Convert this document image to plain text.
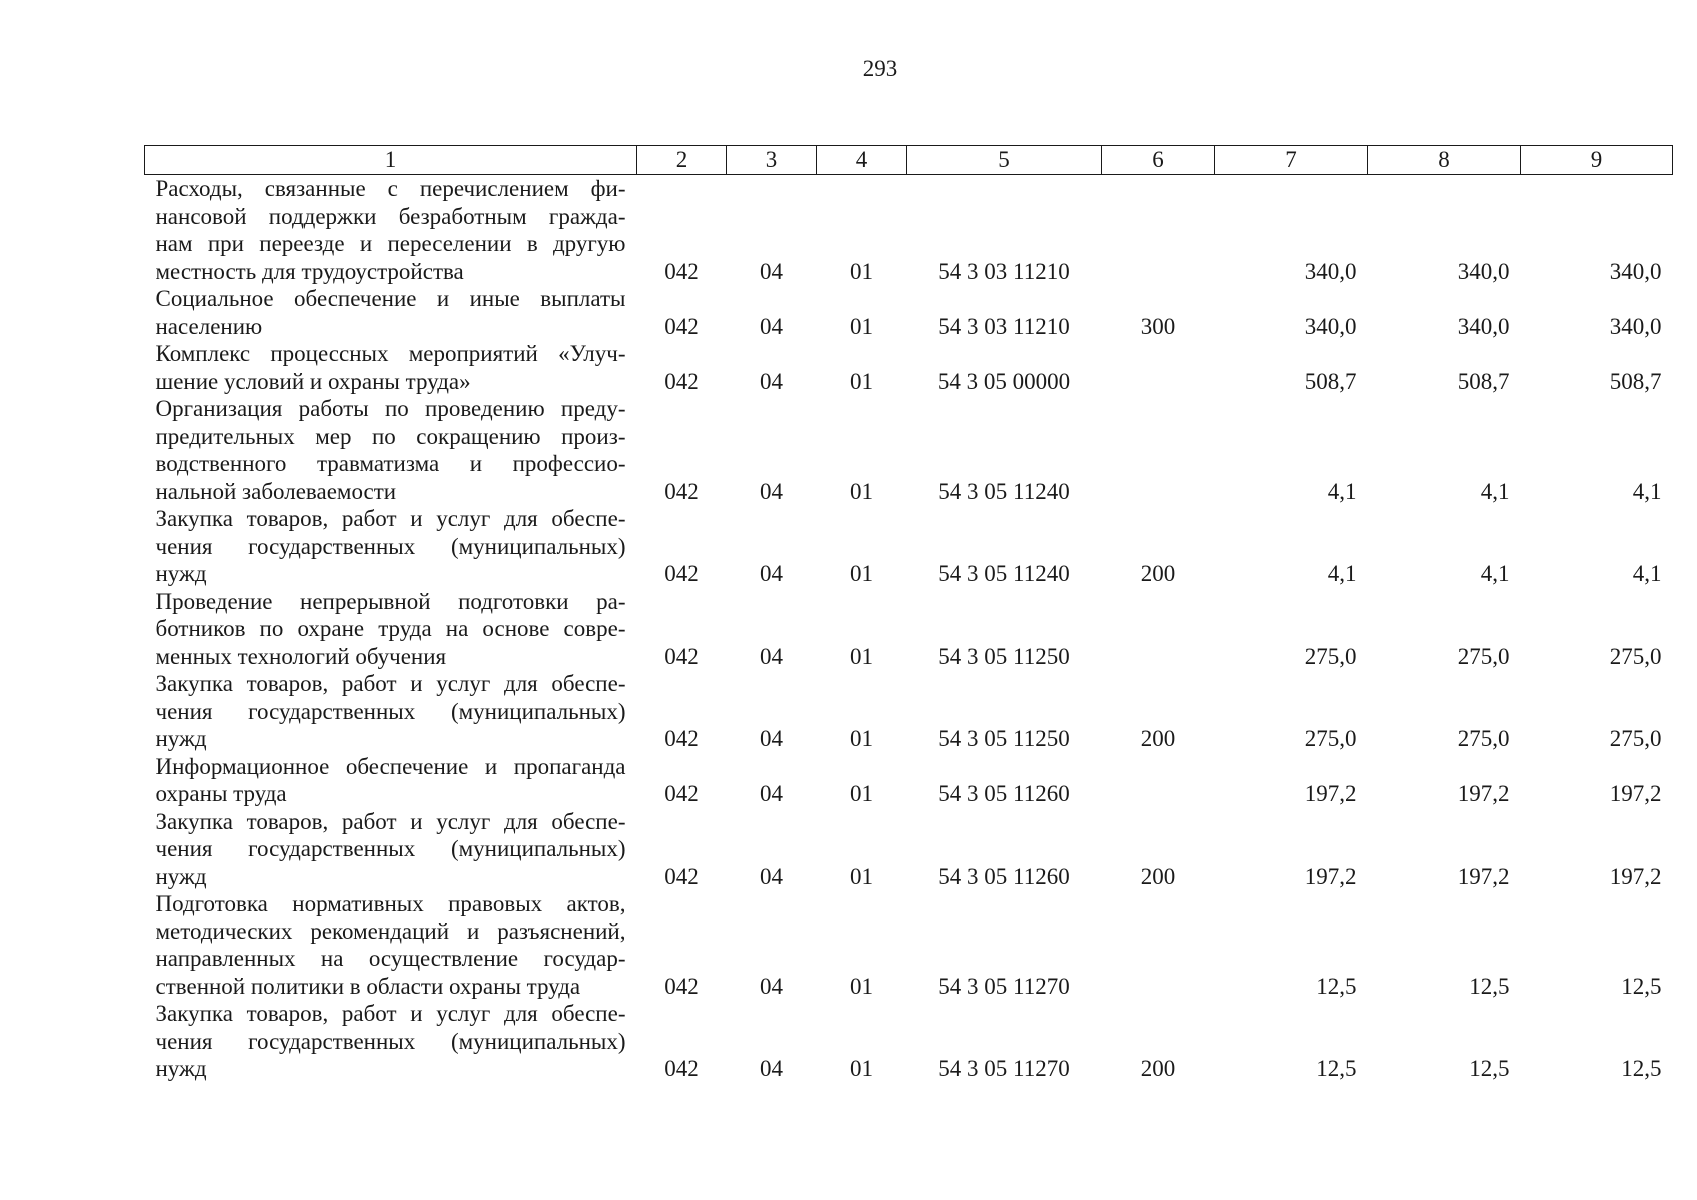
293
1	2	3	4	5	6	7	8	9

Расходы, связанные с перечислением фи-
нансовой поддержки безработным гражда-
нам при переезде и переселении в другую
местность для трудоустройства	042	04	01	54 3 03 11210		340,0	340,0	340,0

Социальное обеспечение и иные выплаты
населению	042	04	01	54 3 03 11210	300	340,0	340,0	340,0

Комплекс процессных мероприятий «Улуч-
шение условий и охраны труда»	042	04	01	54 3 05 00000		508,7	508,7	508,7

Организация работы по проведению преду-
предительных мер по сокращению произ-
водственного травматизма и профессио-
нальной заболеваемости	042	04	01	54 3 05 11240		4,1	4,1	4,1

Закупка товаров, работ и услуг для обеспе-
чения государственных (муниципальных)
нужд	042	04	01	54 3 05 11240	200	4,1	4,1	4,1

Проведение непрерывной подготовки ра-
ботников по охране труда на основе совре-
менных технологий обучения	042	04	01	54 3 05 11250		275,0	275,0	275,0

Закупка товаров, работ и услуг для обеспе-
чения государственных (муниципальных)
нужд	042	04	01	54 3 05 11250	200	275,0	275,0	275,0

Информационное обеспечение и пропаганда
охраны труда	042	04	01	54 3 05 11260		197,2	197,2	197,2

Закупка товаров, работ и услуг для обеспе-
чения государственных (муниципальных)
нужд	042	04	01	54 3 05 11260	200	197,2	197,2	197,2

Подготовка нормативных правовых актов,
методических рекомендаций и разъяснений,
направленных на осуществление государ-
ственной политики в области охраны труда	042	04	01	54 3 05 11270		12,5	12,5	12,5

Закупка товаров, работ и услуг для обеспе-
чения государственных (муниципальных)
нужд	042	04	01	54 3 05 11270	200	12,5	12,5	12,5
